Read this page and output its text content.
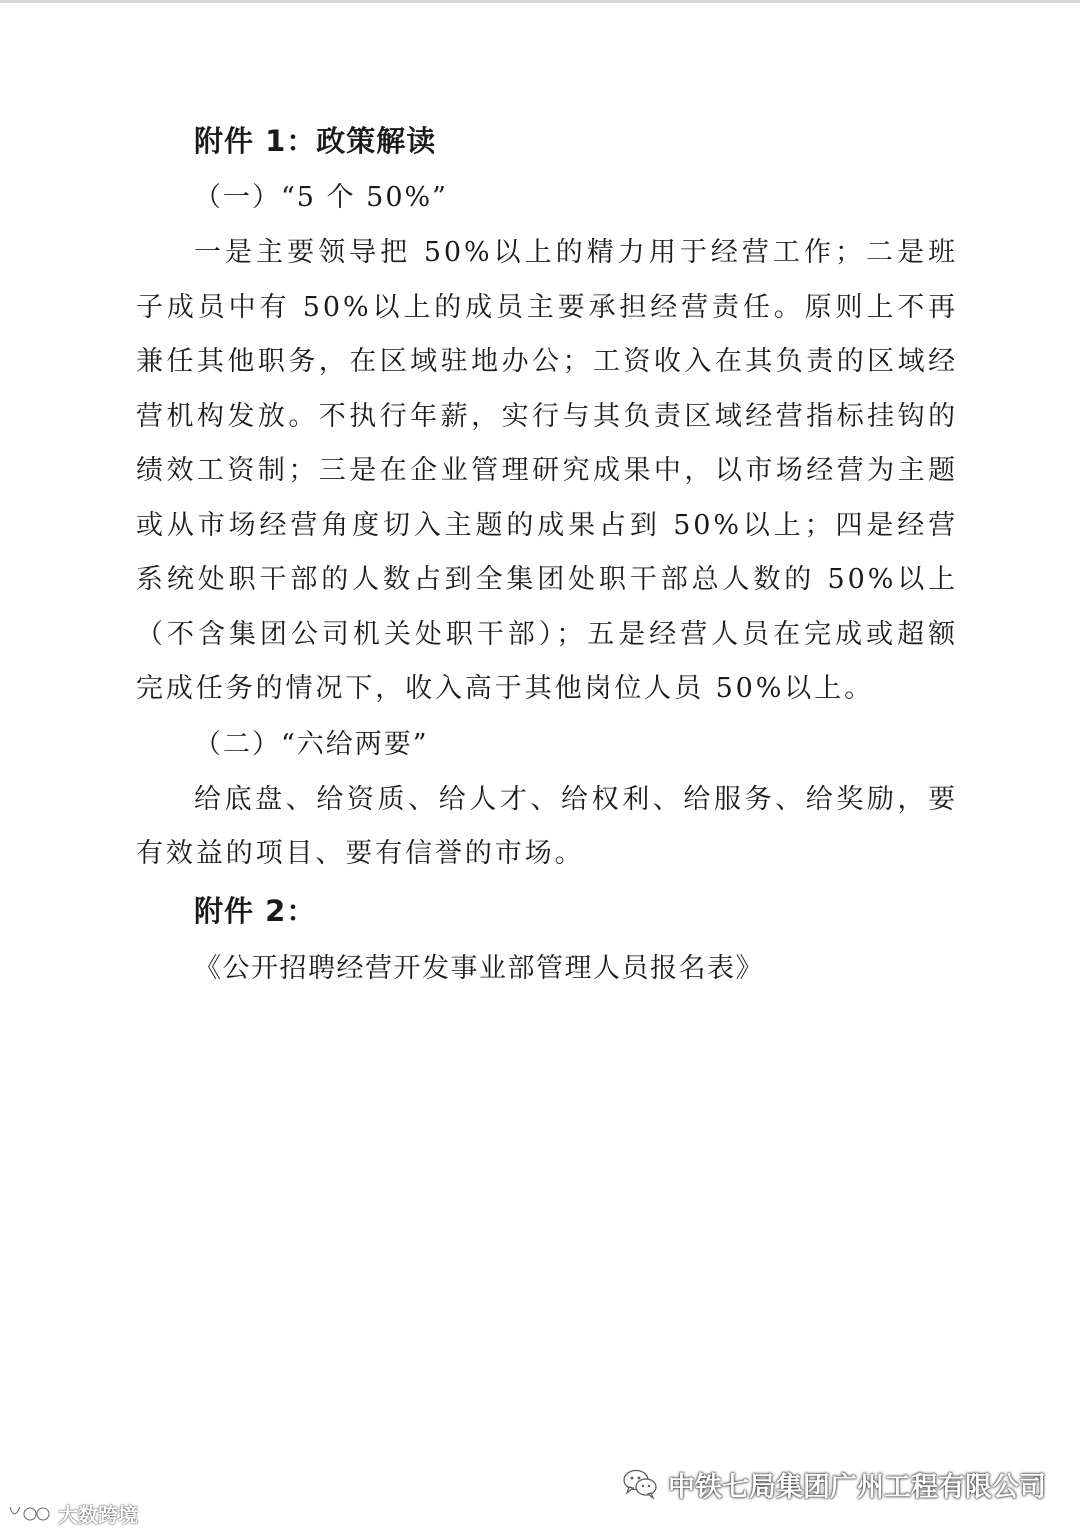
附件 1：政策解读

（一）“5 个 50%”

一是主要领导把 50%以上的精力用于经营工作；二是班子成员中有 50%以上的成员主要承担经营责任。原则上不再兼任其他职务，在区域驻地办公；工资收入在其负责的区域经营机构发放。不执行年薪，实行与其负责区域经营指标挂钩的绩效工资制；三是在企业管理研究成果中，以市场经营为主题或从市场经营角度切入主题的成果占到 50%以上；四是经营系统处职干部的人数占到全集团处职干部总人数的 50%以上（不含集团公司机关处职干部）；五是经营人员在完成或超额完成任务的情况下，收入高于其他岗位人员 50%以上。

（二）“六给两要”

给底盘、给资质、给人才、给权利、给服务、给奖励，要有效益的项目、要有信誉的市场。

附件 2：

《公开招聘经营开发事业部管理人员报名表》

大数跨境
中铁七局集团广州工程有限公司
